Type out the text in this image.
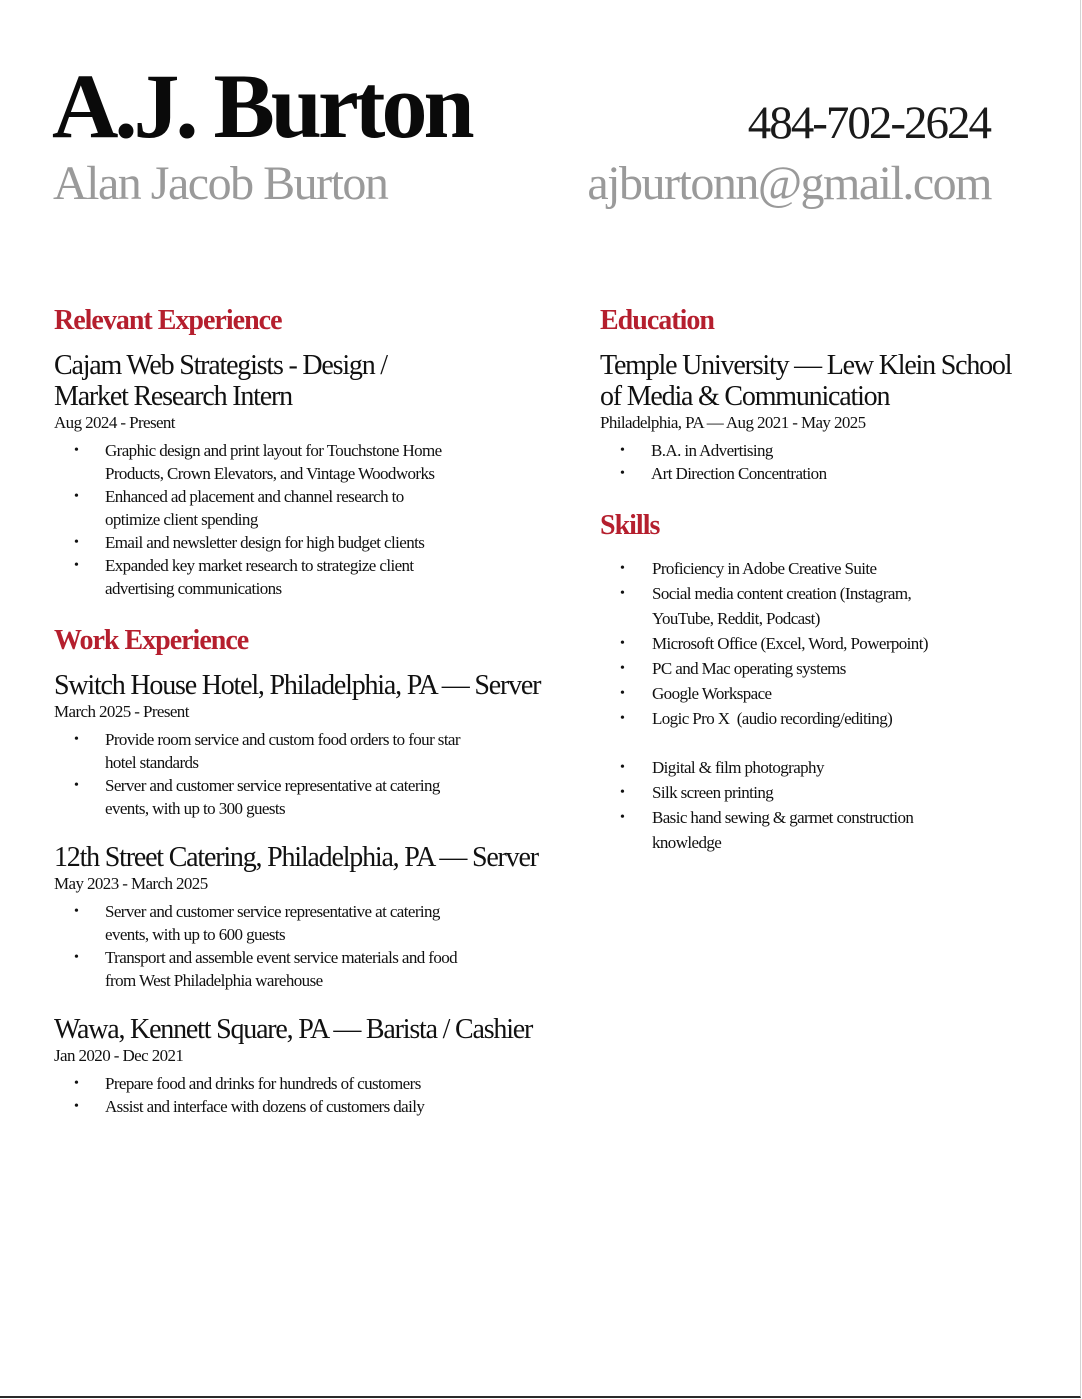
A.J. Burton
Alan Jacob Burton
484-702-2624
ajburtonn@gmail.com
Relevant Experience

Cajam Web Strategists - Design /
Market Research Intern

Aug 2024 - Present

• Graphic design and print layout for Touchstone Home Products, Crown Elevators, and Vintage Woodworks
• Enhanced ad placement and channel research to optimize client spending
• Email and newsletter design for high budget clients
• Expanded key market research to strategize client advertising communications
Work Experience

Switch House Hotel, Philadelphia, PA — Server

March 2025 - Present

• Provide room service and custom food orders to four star hotel standards
• Server and customer service representative at catering events, with up to 300 guests

12th Street Catering, Philadelphia, PA — Server

May 2023 - March 2025

• Server and customer service representative at catering events, with up to 600 guests
• Transport and assemble event service materials and food from West Philadelphia warehouse

Wawa, Kennett Square, PA — Barista / Cashier

Jan 2020 - Dec 2021

• Prepare food and drinks for hundreds of customers
• Assist and interface with dozens of customers daily
Education

Temple University — Lew Klein School
of Media & Communication

Philadelphia, PA — Aug 2021 - May 2025

• B.A. in Advertising
• Art Direction Concentration
Skills
• Proficiency in Adobe Creative Suite
• Social media content creation (Instagram, YouTube, Reddit, Podcast)
• Microsoft Office (Excel, Word, Powerpoint)
• PC and Mac operating systems
• Google Workspace
• Logic Pro X  (audio recording/editing)
• Digital & film photography
• Silk screen printing
• Basic hand sewing & garmet construction knowledge
